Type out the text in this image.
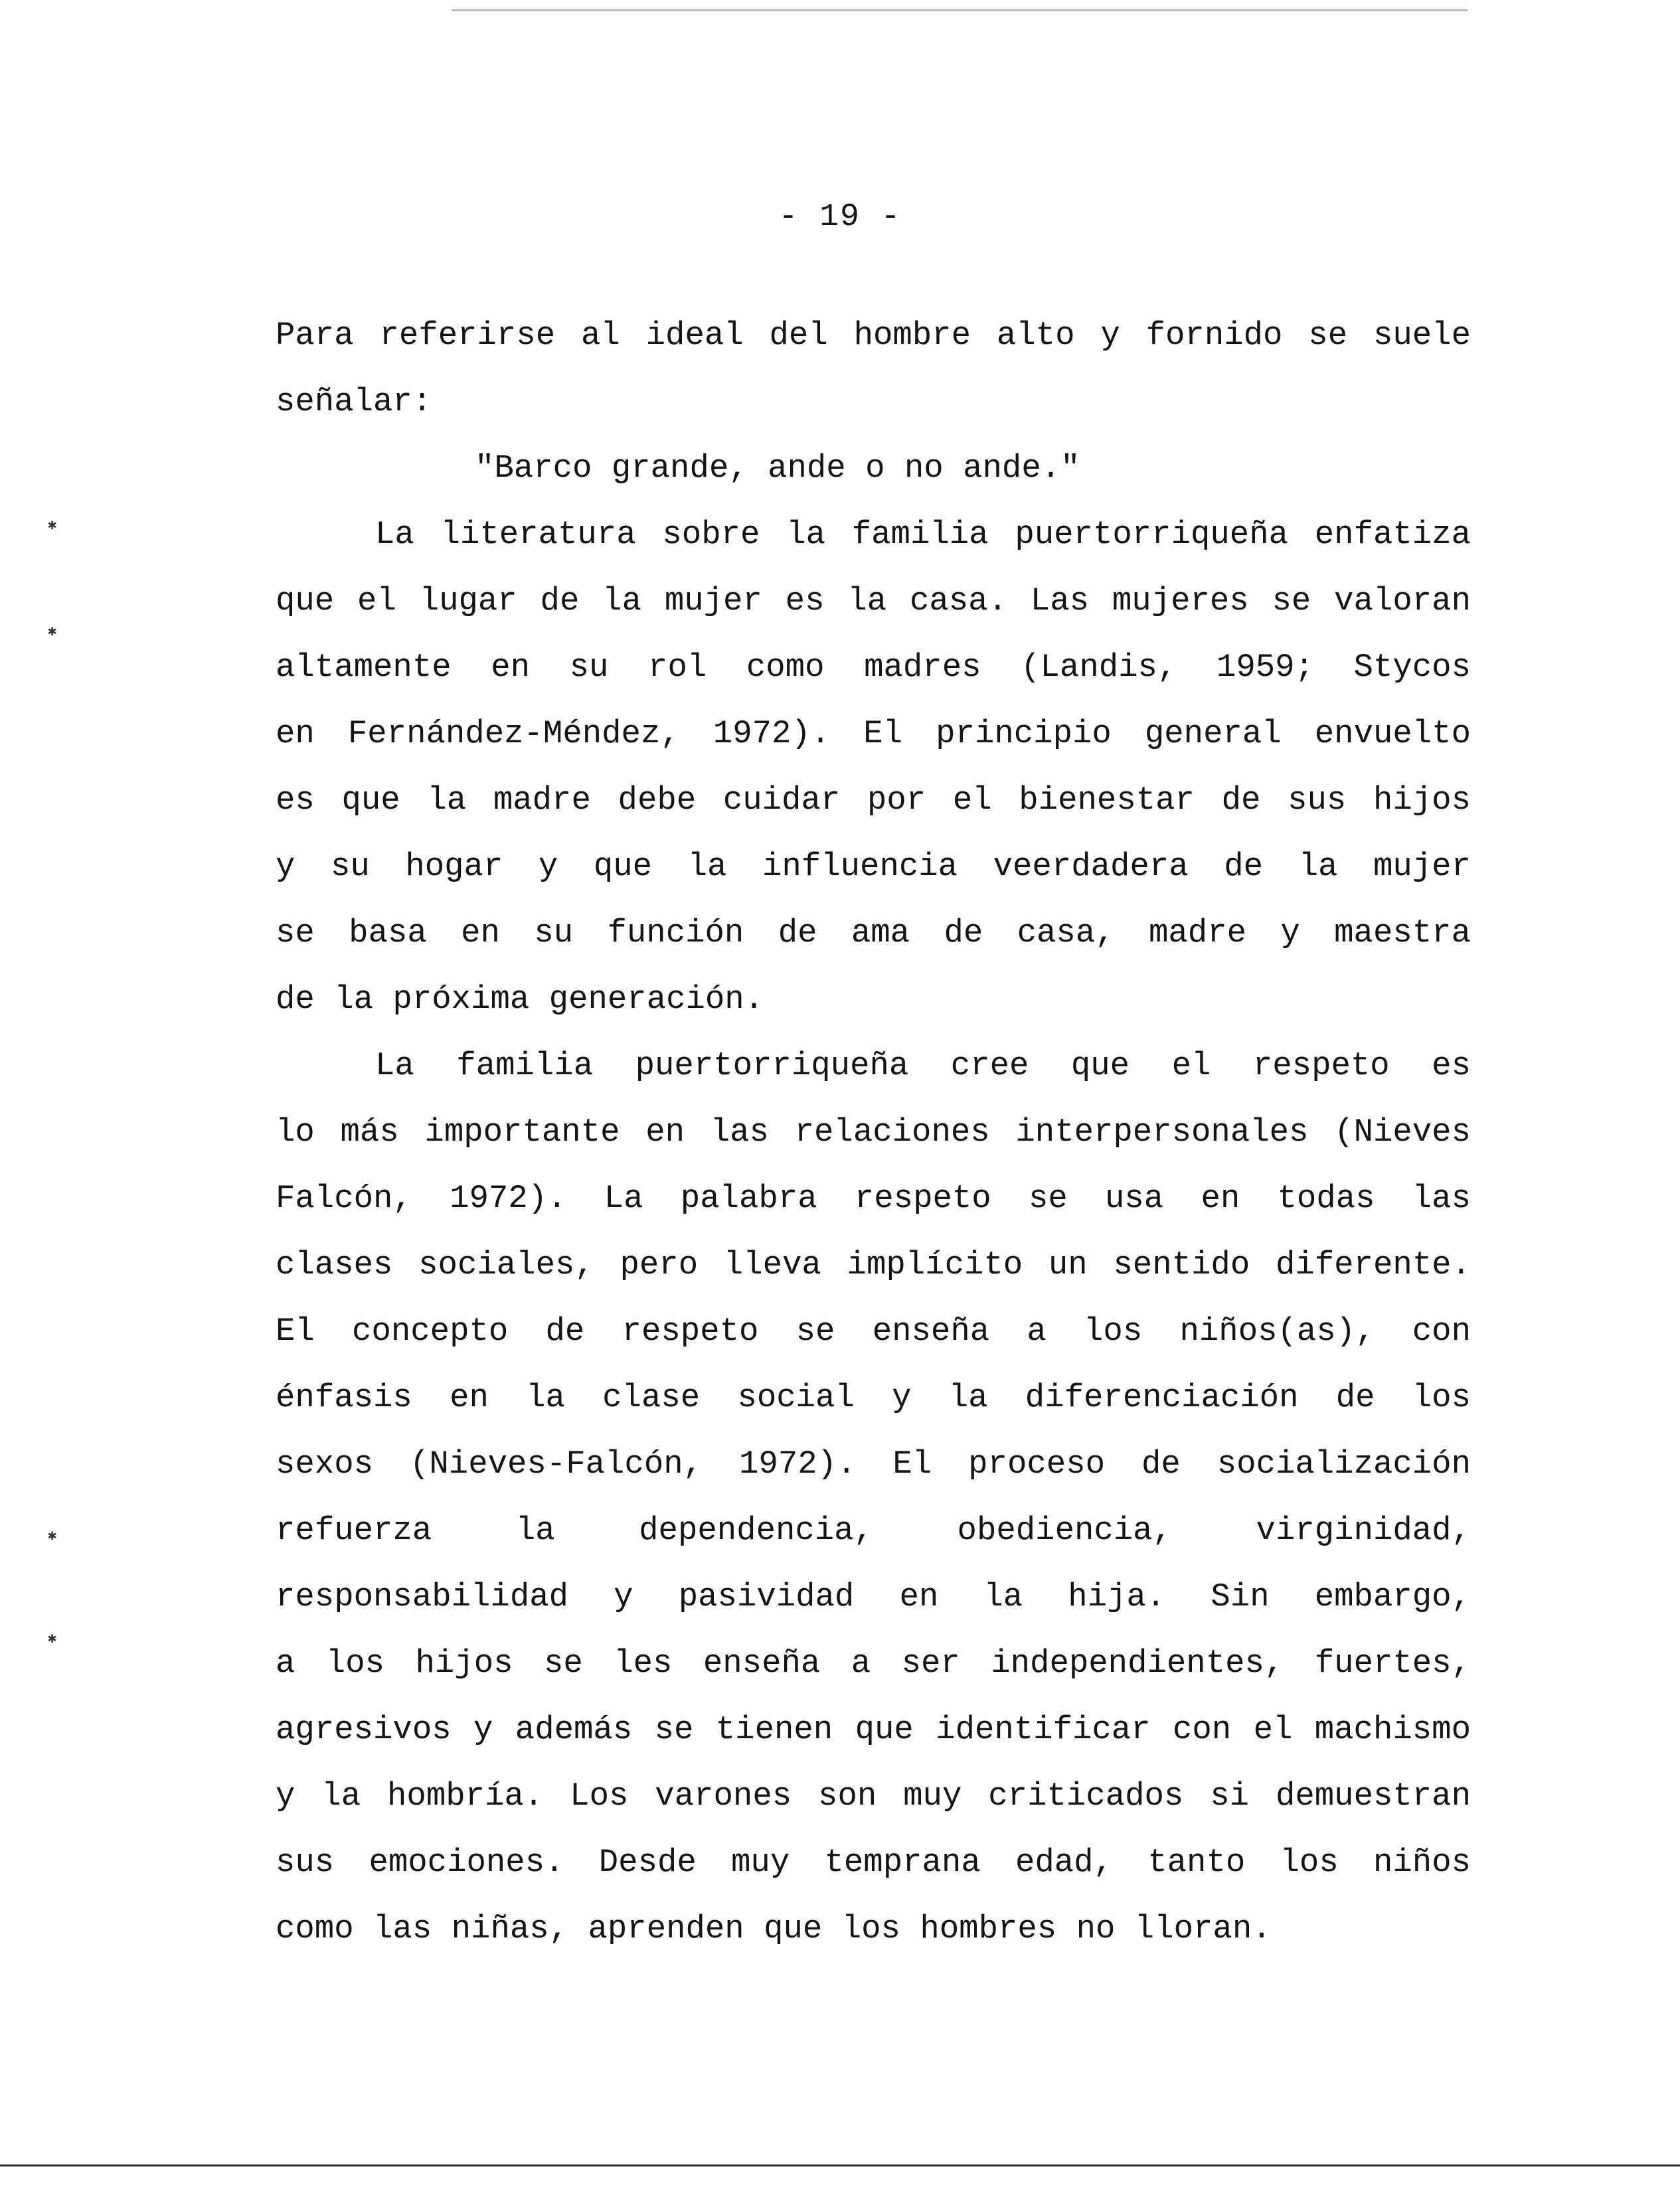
✱
✱
✱
✱
- 19 -
Para referirse al ideal del hombre alto y fornido se suele
señalar:
"Barco grande, ande o no ande."
La literatura sobre la familia puertorriqueña enfatiza
que el lugar de la mujer es la casa. Las mujeres se valoran
altamente en su rol como madres (Landis, 1959; Stycos
en Fernández-Méndez, 1972). El principio general envuelto
es que la madre debe cuidar por el bienestar de sus hijos
y su hogar y que la influencia veerdadera de la mujer
se basa en su función de ama de casa, madre y maestra
de la próxima generación.
La familia puertorriqueña cree que el respeto es
lo más importante en las relaciones interpersonales (Nieves
Falcón, 1972). La palabra respeto se usa en todas las
clases sociales, pero lleva implícito un sentido diferente.
El concepto de respeto se enseña a los niños(as), con
énfasis en la clase social y la diferenciación de los
sexos (Nieves-Falcón, 1972). El proceso de socialización
refuerza la dependencia, obediencia, virginidad,
responsabilidad y pasividad en la hija. Sin embargo,
a los hijos se les enseña a ser independientes, fuertes,
agresivos y además se tienen que identificar con el machismo
y la hombría. Los varones son muy criticados si demuestran
sus emociones. Desde muy temprana edad, tanto los niños
como las niñas, aprenden que los hombres no lloran.
